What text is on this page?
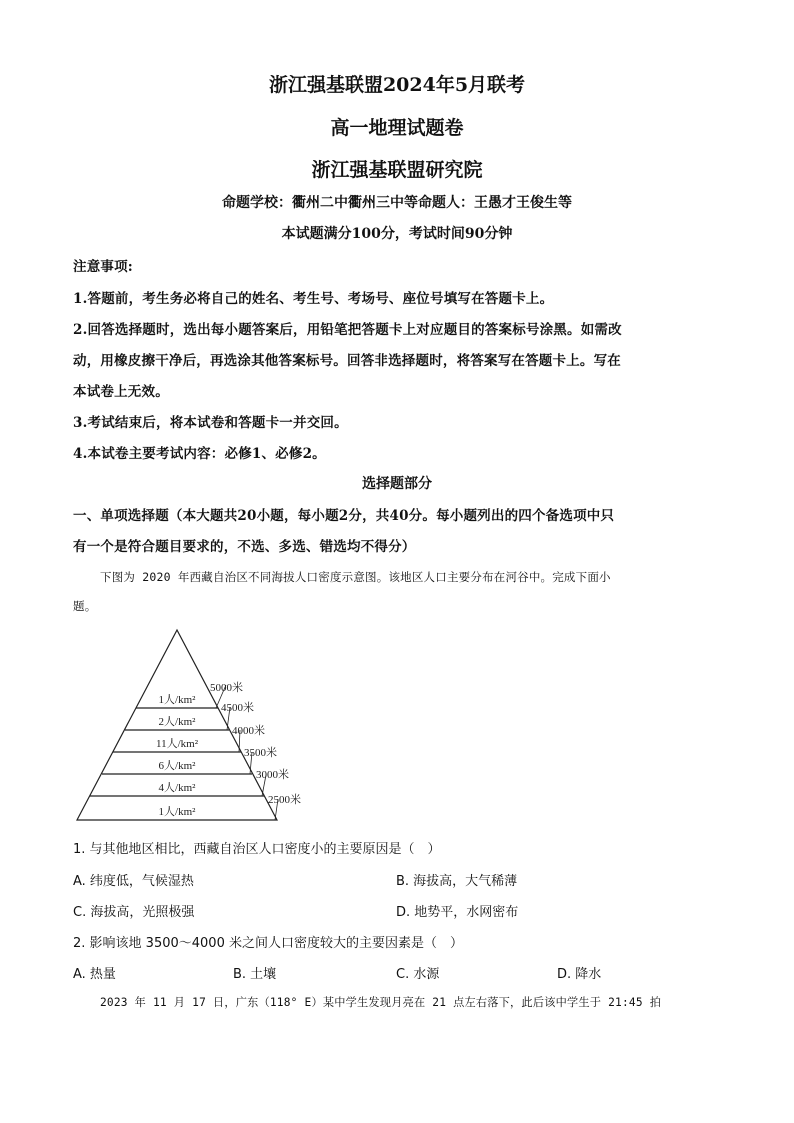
浙江强基联盟2024年5月联考
高一地理试题卷
浙江强基联盟研究院
命题学校：衢州二中衢州三中等命题人：王愚才王俊生等
本试题满分100分，考试时间90分钟
注意事项:
1.答题前，考生务必将自己的姓名、考生号、考场号、座位号填写在答题卡上。
2.回答选择题时，选出每小题答案后，用铅笔把答题卡上对应题目的答案标号涂黑。如需改
动，用橡皮擦干净后，再选涂其他答案标号。回答非选择题时，将答案写在答题卡上。写在
本试卷上无效。
3.考试结束后，将本试卷和答题卡一并交回。
4.本试卷主要考试内容：必修1、必修2。
选择题部分
一、单项选择题（本大题共20小题，每小题2分，共40分。每小题列出的四个备选项中只
有一个是符合题目要求的，不选、多选、错选均不得分）
下图为 2020 年西藏自治区不同海拔人口密度示意图。该地区人口主要分布在河谷中。完成下面小
题。
1人/km²
2人/km²
11人/km²
6人/km²
4人/km²
1人/km²
5000米
4500米
4000米
3500米
3000米
2500米
1. 与其他地区相比，西藏自治区人口密度小的主要原因是（　）
A. 纬度低，气候湿热	B. 海拔高，大气稀薄
C. 海拔高，光照极强	D. 地势平，水网密布
2. 影响该地 3500～4000 米之间人口密度较大的主要因素是（　）
A. 热量	B. 土壤	C. 水源	D. 降水
2023 年 11 月 17 日，广东（118° E）某中学生发现月亮在 21 点左右落下，此后该中学生于 21:45 拍
